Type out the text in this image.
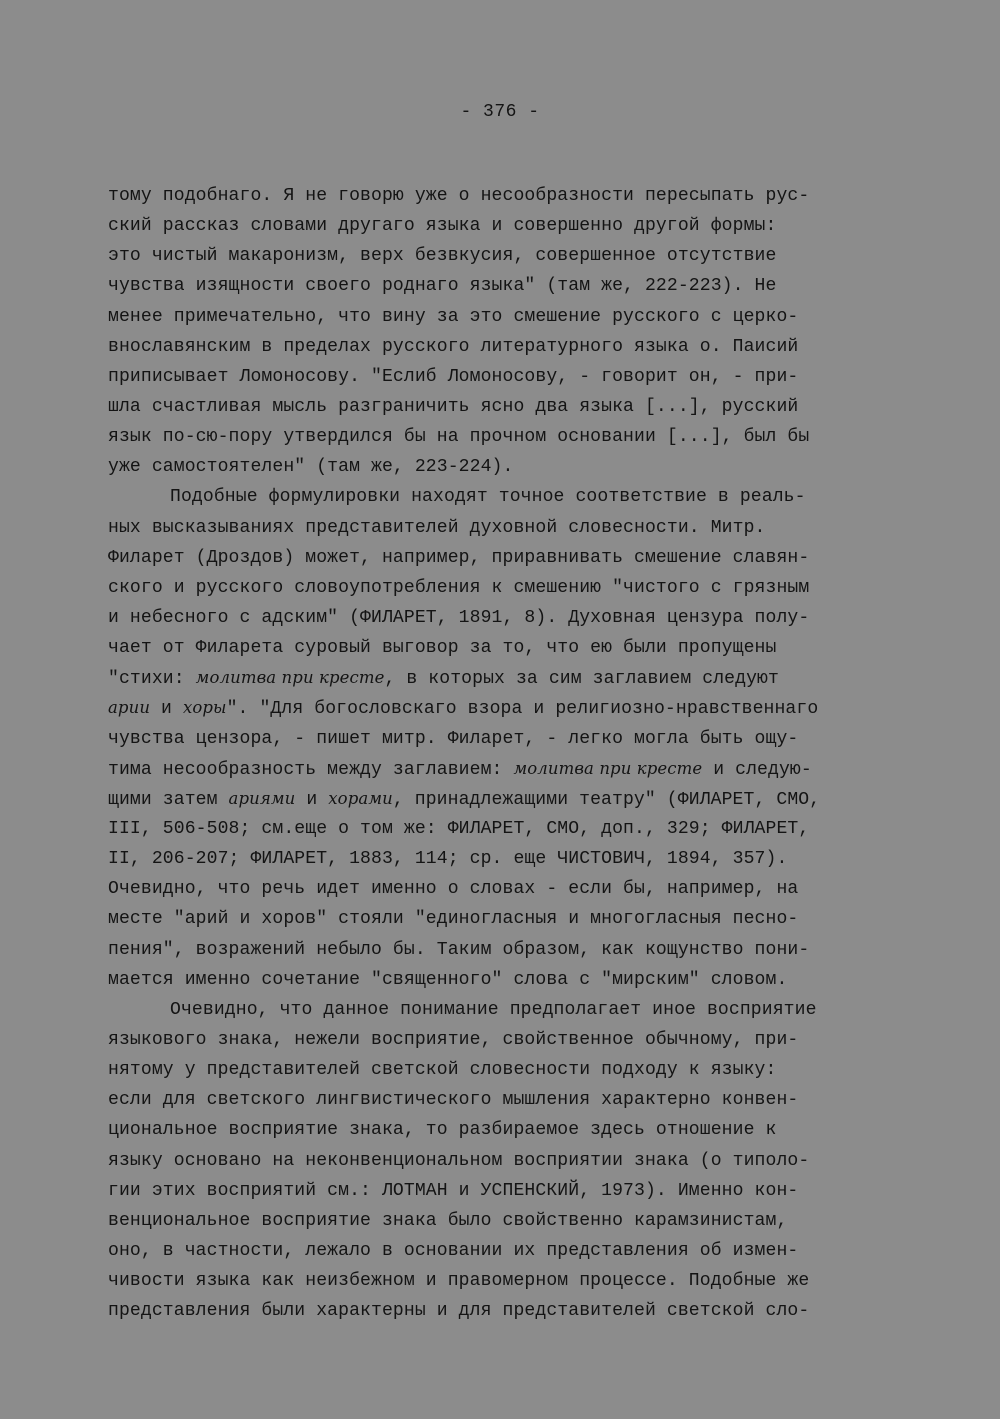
- 376 -
тому подобнаго. Я не говорю уже о несообразности пересыпать рус-
ский рассказ словами другаго языка и совершенно другой формы:
это чистый макаронизм, верх безвкусия, совершенное отсутствие
чувства изящности своего роднаго языка" (там же, 222-223). Не
менее примечательно, что вину за это смешение русского с церко-
внославянским в пределах русского литературного языка о. Паисий
приписывает Ломоносову. "Еслиб Ломоносову, - говорит он, - при-
шла счастливая мысль разграничить ясно два языка [...], русский
язык по-сю-пору утвердился бы на прочном основании [...], был бы
уже самостоятелен" (там же, 223-224).
Подобные формулировки находят точное соответствие в реаль-
ных высказываниях представителей духовной словесности. Митр.
Филарет (Дроздов) может, например, приравнивать смешение славян-
ского и русского словоупотребления к смешению "чистого с грязным
и небесного с адским" (ФИЛАРЕТ, 1891, 8). Духовная цензура полу-
чает от Филарета суровый выговор за то, что ею были пропущены
"стихи: молитва при кресте, в которых за сим заглавием следуют
арии и хоры". "Для богословскаго взора и религиозно-нравственнаго
чувства цензора, - пишет митр. Филарет, - легко могла быть ощу-
тима несообразность между заглавием: молитва при кресте и следую-
щими затем ариями и хорами, принадлежащими театру" (ФИЛАРЕТ, СМО,
III, 506-508; см.еще о том же: ФИЛАРЕТ, СМО, доп., 329; ФИЛАРЕТ,
II, 206-207; ФИЛАРЕТ, 1883, 114; ср. еще ЧИСТОВИЧ, 1894, 357).
Очевидно, что речь идет именно о словах - если бы, например, на
месте "арий и хоров" стояли "единогласныя и многогласныя песно-
пения", возражений небыло бы. Таким образом, как кощунство пони-
мается именно сочетание "священного" слова с "мирским" словом.
Очевидно, что данное понимание предполагает иное восприятие
языкового знака, нежели восприятие, свойственное обычному, при-
нятому у представителей светской словесности подходу к языку:
если для светского лингвистического мышления характерно конвен-
циональное восприятие знака, то разбираемое здесь отношение к
языку основано на неконвенциональном восприятии знака (о типоло-
гии этих восприятий см.: ЛОТМАН и УСПЕНСКИЙ, 1973). Именно кон-
венциональное восприятие знака было свойственно карамзинистам,
оно, в частности, лежало в основании их представления об измен-
чивости языка как неизбежном и правомерном процессе. Подобные же
представления были характерны и для представителей светской сло-
